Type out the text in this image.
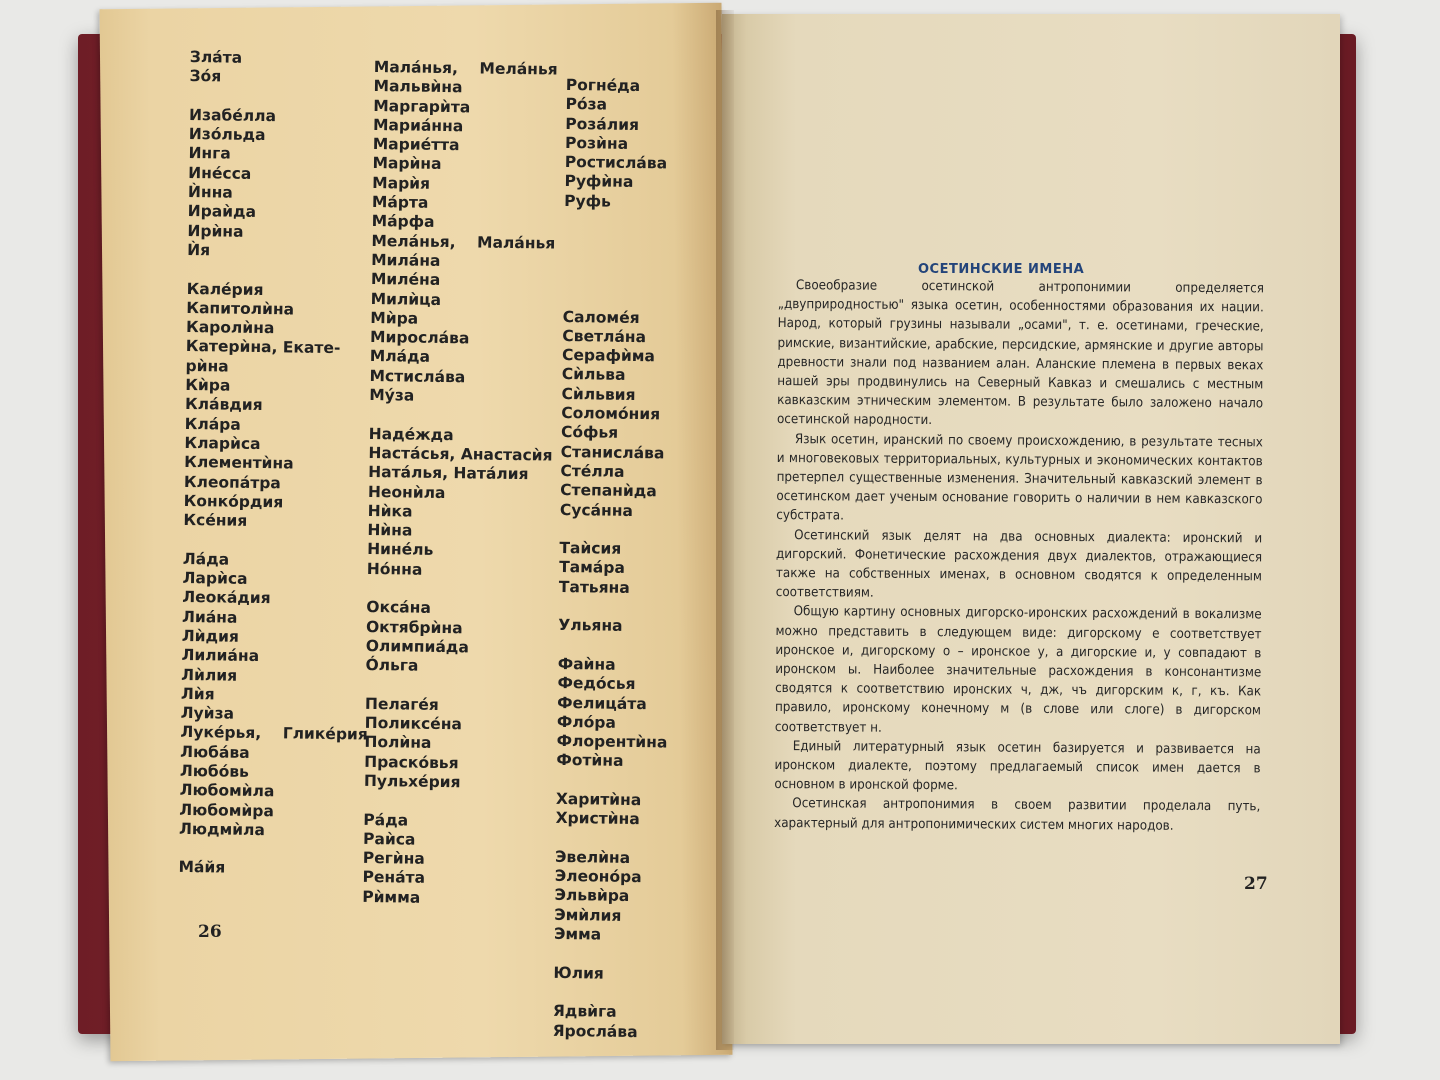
Злáта
Зóя
Изабéлла
Изóльда
Инга
Инéсса
Ѝнна
Ираѝда
Ирѝна
Ѝя
Калéрия
Капитолѝна
Каролѝна
Катерѝна, Екате-
рѝна
Кѝра
Клáвдия
Клáра
Кларѝса
Клементѝна
Клеопáтра
Конкóрдия
Ксéния
Лáда
Ларѝса
Леокáдия
Лиáна
Лѝдия
Лилиáна
Лѝлия
Лѝя
Луѝза
Лукéрья,    Гликéрия
Любáва
Любóвь
Любомѝла
Любомѝра
Людмѝла
Мáйя
Малáнья,    Мелáнья
Мальвѝна
Маргарѝта
Мариáнна
Мариéтта
Марѝна
Марѝя
Мáрта
Мáрфа
Мелáнья,    Малáнья
Милáна
Милéна
Милѝца
Мѝра
Мирослáва
Млáда
Мстислáва
Мýза
Надéжда
Настáсья, Анастасѝя
Натáлья, Натáлия
Неонѝла
Нѝка
Нѝна
Нинéль
Нóнна
Оксáна
Октябрѝна
Олимпиáда
Óльга
Пелагéя
Поликсéна
Полѝна
Праскóвья
Пульхéрия
Рáда
Раѝса
Регѝна
Ренáта
Рѝмма
Рогнéда
Рóза
Розáлия
Розѝна
Ростислáва
Руфѝна
Руфь
Саломéя
Светлáна
Серафѝма
Сѝльва
Сѝльвия
Соломóния
Сóфья
Станислáва
Стéлла
Степанѝда
Сусáнна
Таѝсия
Тамáра
Татьяна
Ульяна
Фаѝна
Федóсья
Фелицáта
Флóра
Флорентѝна
Фотѝна
Харитѝна
Христѝна
Эвелѝна
Элеонóра
Эльвѝра
Эмѝлия
Эмма
Юлия
Ядвѝга
Ярослáва
26
ОСЕТИНСКИЕ ИМЕНА

Своеобразие осетинской антропонимии определяется „двуприродностью" языка осетин, особенностями образования их нации. Народ, который грузины называли „осами", т. е. осетинами, греческие, римские, византийские, арабские, персидские, армянские и другие авторы древности знали под названием алан. Аланские племена в первых веках нашей эры продвинулись на Северный Кавказ и смешались с местным кавказским этническим элементом. В результате было заложено начало осетинской народности.

Язык осетин, иранский по своему происхождению, в результате тесных и многовековых территориальных, культурных и экономических контактов претерпел существенные изменения. Значительный кавказский элемент в осетинском дает ученым основание говорить о наличии в нем кавказского субстрата.

Осетинский язык делят на два основных диалекта: иронский и дигорский. Фонетические расхождения двух диалектов, отражающиеся также на собственных именах, в основном сводятся к определенным соответствиям.

Общую картину основных дигорско-иронских расхождений в вокализме можно представить в следующем виде: дигорскому е соответствует иронское и, дигорскому о – иронское у, а дигорские и, у совпадают в иронском ы. Наиболее значительные расхождения в консонантизме сводятся к соответствию иронских ч, дж, чъ дигорским к, г, къ. Как правило, иронскому конечному м (в слове или слоге) в дигорском соответствует н.

Единый литературный язык осетин базируется и развивается на иронском диалекте, поэтому предлагаемый список имен дается в основном в иронской форме.

Осетинская антропонимия в своем развитии проделала путь, характерный для антропонимических систем многих народов.

27
